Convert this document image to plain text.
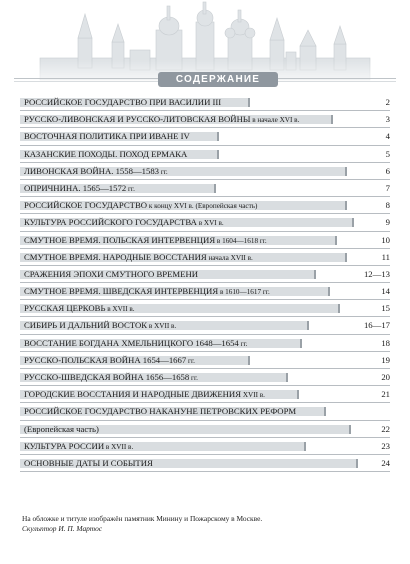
СОДЕРЖАНИЕ
РОССИЙСКОЕ ГОСУДАРСТВО ПРИ ВАСИЛИИ III	2
РУССКО-ЛИВОНСКАЯ И РУССКО-ЛИТОВСКАЯ ВОЙНЫ в начале XVI в.	3
ВОСТОЧНАЯ ПОЛИТИКА ПРИ ИВАНЕ IV	4
КАЗАНСКИЕ ПОХОДЫ. ПОХОД ЕРМАКА	5
ЛИВОНСКАЯ ВОЙНА. 1558—1583 гг.	6
ОПРИЧНИНА. 1565—1572 гг.	7
РОССИЙСКОЕ ГОСУДАРСТВО к концу XVI в. (Европейская часть)	8
КУЛЬТУРА РОССИЙСКОГО ГОСУДАРСТВА в XVI в.	9
СМУТНОЕ ВРЕМЯ. ПОЛЬСКАЯ ИНТЕРВЕНЦИЯ в 1604—1618 гг.	10
СМУТНОЕ ВРЕМЯ. НАРОДНЫЕ ВОССТАНИЯ начала XVII в.	11
СРАЖЕНИЯ ЭПОХИ СМУТНОГО ВРЕМЕНИ	12—13
СМУТНОЕ ВРЕМЯ. ШВЕДСКАЯ ИНТЕРВЕНЦИЯ в 1610—1617 гг.	14
РУССКАЯ ЦЕРКОВЬ в XVII в.	15
СИБИРЬ И ДАЛЬНИЙ ВОСТОК в XVII в.	16—17
ВОССТАНИЕ БОГДАНА ХМЕЛЬНИЦКОГО 1648—1654 гг.	18
РУССКО-ПОЛЬСКАЯ ВОЙНА 1654—1667 гг.	19
РУССКО-ШВЕДСКАЯ ВОЙНА 1656—1658 гг.	20
ГОРОДСКИЕ ВОССТАНИЯ И НАРОДНЫЕ ДВИЖЕНИЯ XVII в.	21
РОССИЙСКОЕ ГОСУДАРСТВО НАКАНУНЕ ПЕТРОВСКИХ РЕФОРМ
(Европейская часть)	22
КУЛЬТУРА РОССИИ в XVII в.	23
ОСНОВНЫЕ ДАТЫ И СОБЫТИЯ	24
На обложке и титуле изображён памятник Минину и Пожарскому в Москве.
Скульптор И. П. Мартос
